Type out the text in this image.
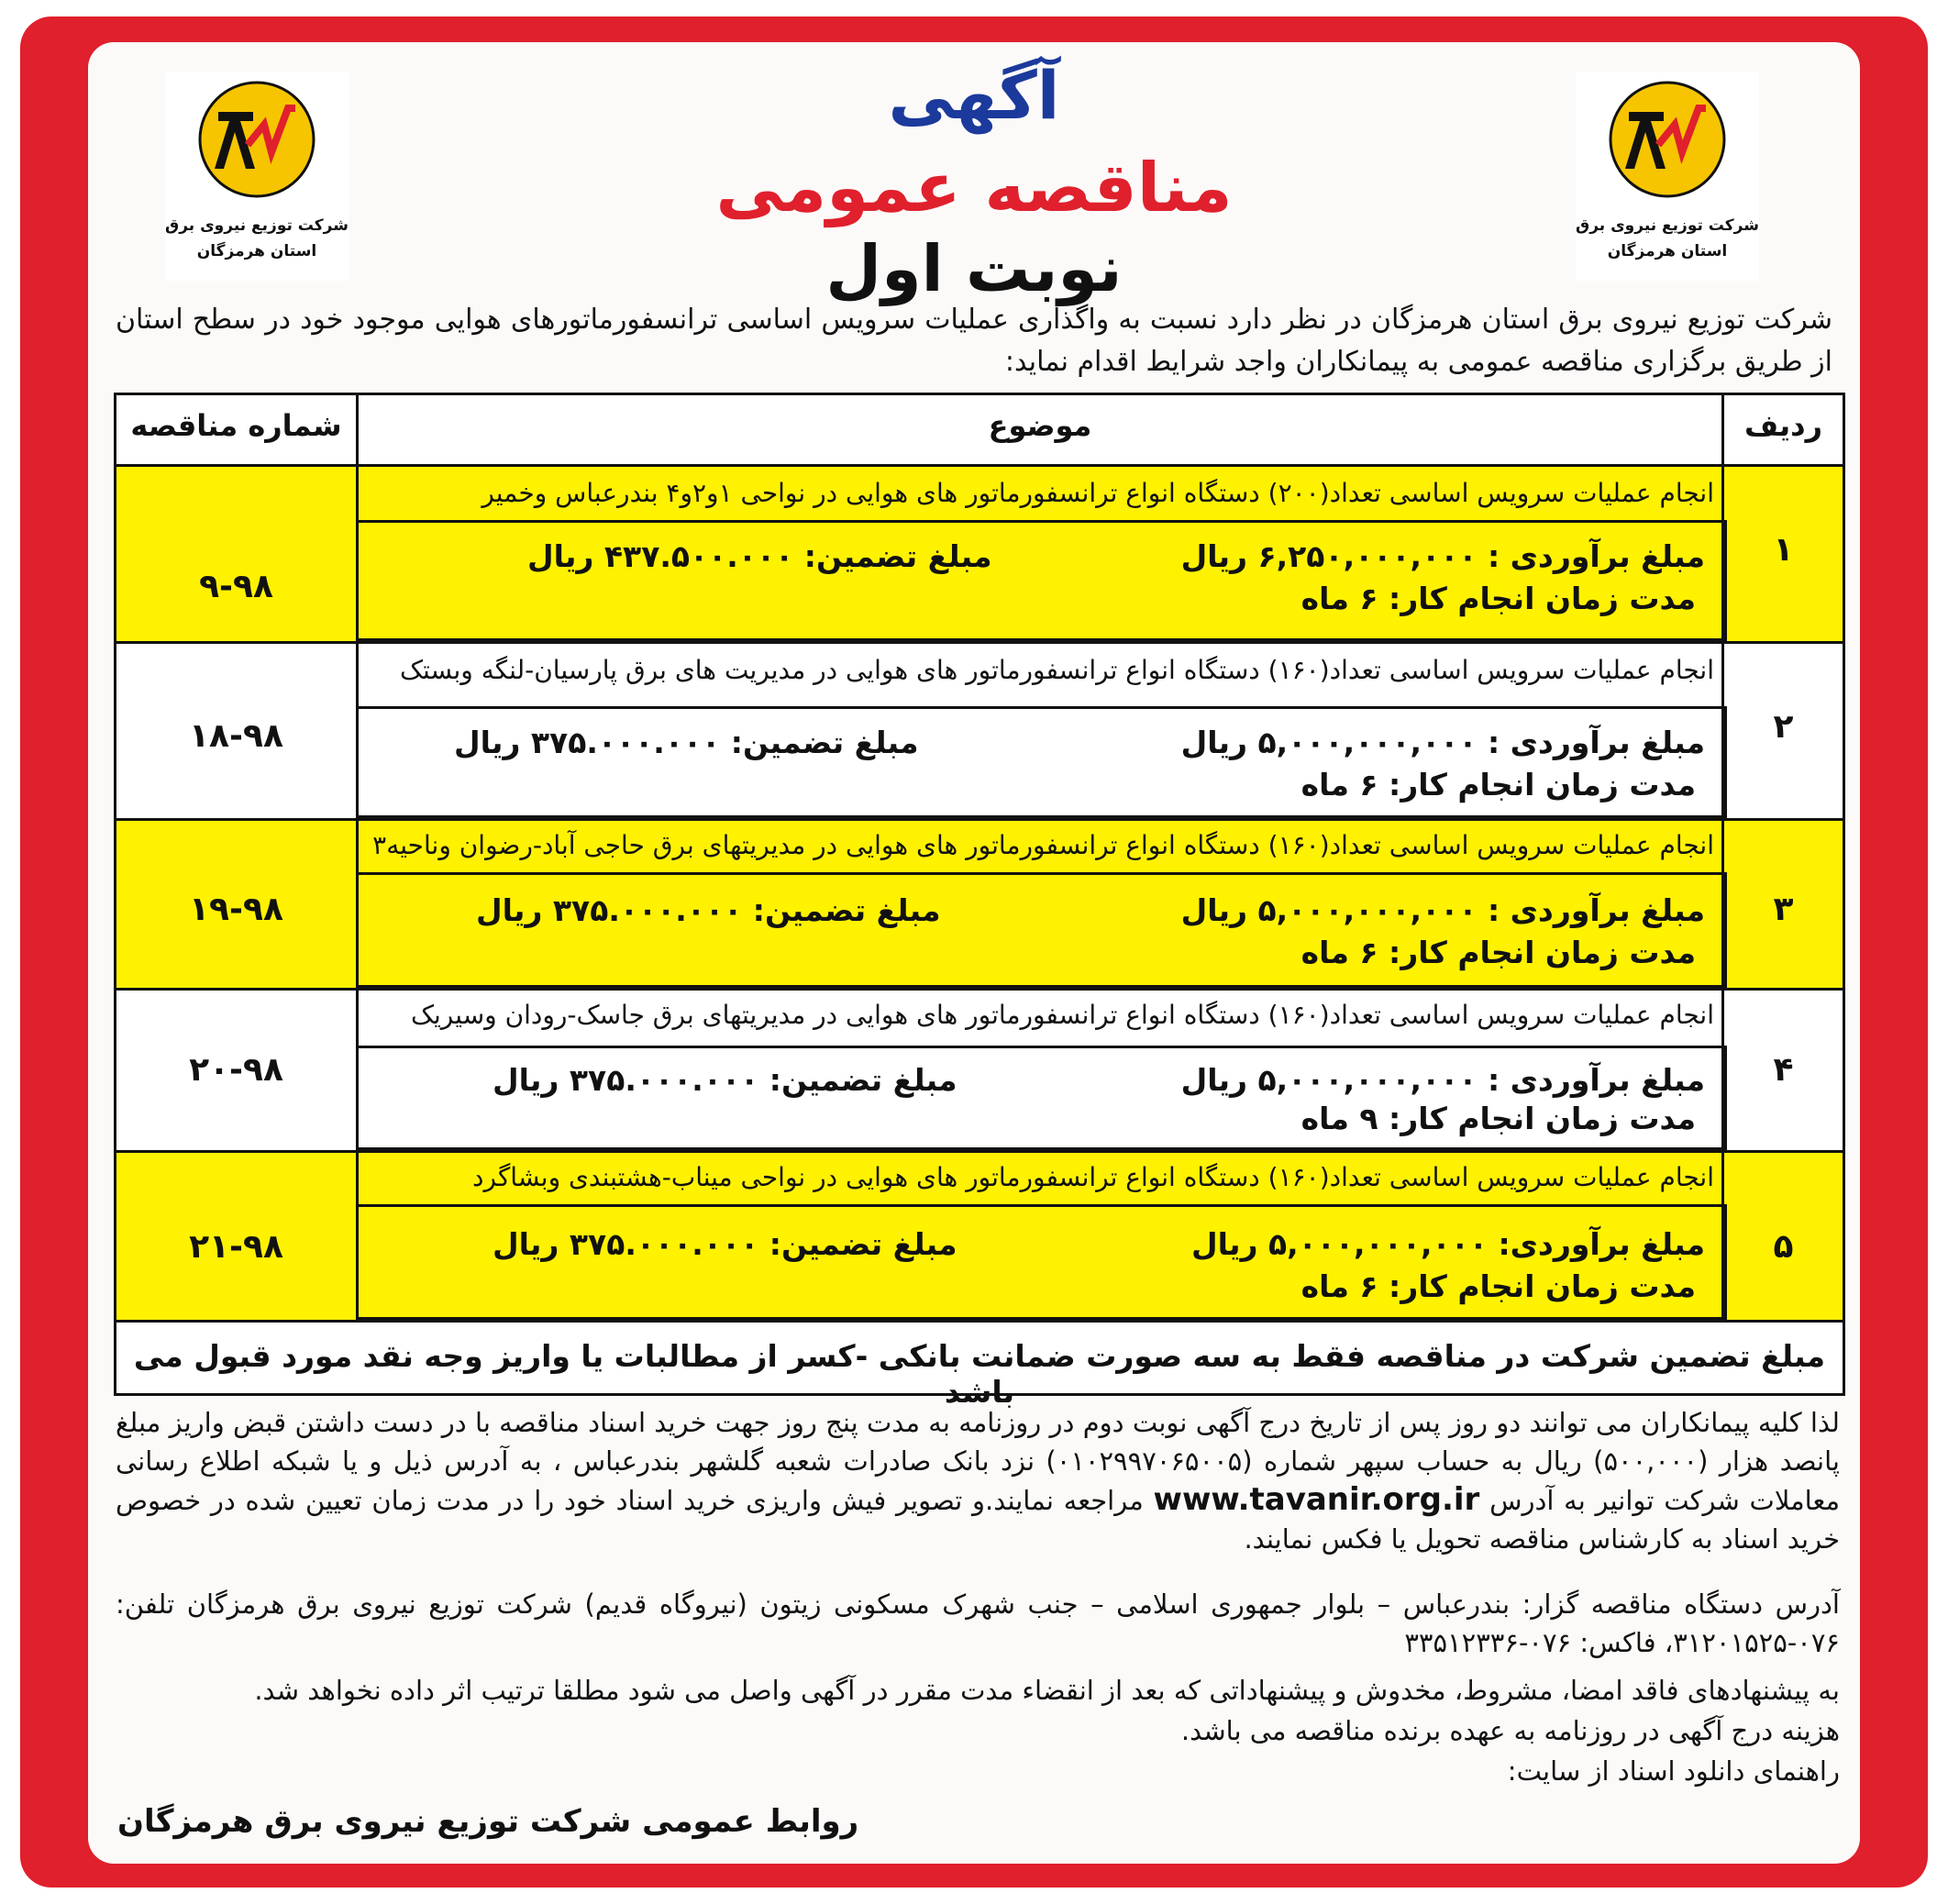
شرکت توزیع نیروی برق
استان هرمزگان
شرکت توزیع نیروی برق
استان هرمزگان
آگهی
مناقصه عمومی
نوبت اول
شرکت توزیع نیروی برق استان هرمزگان در نظر دارد نسبت به واگذاری عملیات سرویس اساسی ترانسفورماتورهای هوایی موجود خود در سطح استان از طریق برگزاری مناقصه عمومی به پیمانکاران واجد شرایط اقدام نماید:
ردیف
موضوع
شماره مناقصه
۱
انجام عملیات سرویس اساسی تعداد(۲۰۰) دستگاه انواع ترانسفورماتور های هوایی در نواحی ۱و۲و۴ بندرعباس وخمیر
مبلغ برآوردی : ۶,۲۵۰,۰۰۰,۰۰۰ ریال
مبلغ تضمین: ۴۳۷.۵۰۰.۰۰۰ ریال
مدت زمان انجام کار: ۶ ماه
۹-۹۸
۲
انجام عملیات سرویس اساسی تعداد(۱۶۰) دستگاه انواع ترانسفورماتور های هوایی در مدیریت های برق پارسیان-لنگه وبستک
مبلغ برآوردی : ۵,۰۰۰,۰۰۰,۰۰۰ ریال
مبلغ تضمین: ۳۷۵.۰۰۰.۰۰۰ ریال
مدت زمان انجام کار: ۶ ماه
۱۸-۹۸
۳
انجام عملیات سرویس اساسی تعداد(۱۶۰) دستگاه انواع ترانسفورماتور های هوایی در مدیریتهای برق حاجی آباد-رضوان وناحیه۳
مبلغ برآوردی : ۵,۰۰۰,۰۰۰,۰۰۰ ریال
مبلغ تضمین: ۳۷۵.۰۰۰.۰۰۰ ریال
مدت زمان انجام کار: ۶ ماه
۱۹-۹۸
۴
انجام عملیات سرویس اساسی تعداد(۱۶۰) دستگاه انواع ترانسفورماتور های هوایی در مدیریتهای برق جاسک-رودان وسیریک
مبلغ برآوردی : ۵,۰۰۰,۰۰۰,۰۰۰ ریال
مبلغ تضمین: ۳۷۵.۰۰۰.۰۰۰ ریال
مدت زمان انجام کار: ۹ ماه
۲۰-۹۸
۵
انجام عملیات سرویس اساسی تعداد(۱۶۰) دستگاه انواع ترانسفورماتور های هوایی در نواحی میناب-هشتبندی وبشاگرد
مبلغ برآوردی: ۵,۰۰۰,۰۰۰,۰۰۰ ریال
مبلغ تضمین: ۳۷۵.۰۰۰.۰۰۰ ریال
مدت زمان انجام کار: ۶ ماه
۲۱-۹۸
مبلغ تضمین شرکت در مناقصه فقط به سه صورت ضمانت بانکی -کسر از مطالبات یا واریز وجه نقد مورد قبول می باشد
لذا کلیه پیمانکاران می توانند دو روز پس از تاریخ درج آگهی نوبت دوم در روزنامه به مدت پنج روز جهت خرید اسناد مناقصه با در دست داشتن قبض واریز مبلغ پانصد هزار (۵۰۰,۰۰۰) ریال به حساب سپهر شماره (۰۱۰۲۹۹۷۰۶۵۰۰۵) نزد بانک صادرات شعبه گلشهر بندرعباس ، به آدرس ذیل و یا شبکه اطلاع رسانی معاملات شرکت توانیر به آدرس www.tavanir.org.ir مراجعه نمایند.و تصویر فیش واریزی خرید اسناد خود را در مدت زمان تعیین شده در خصوص خرید اسناد به کارشناس مناقصه تحویل یا فکس نمایند.
آدرس دستگاه مناقصه گزار: بندرعباس – بلوار جمهوری اسلامی – جنب شهرک مسکونی زیتون (نیروگاه قدیم) شرکت توزیع نیروی برق هرمزگان تلفن: ۰۷۶-۳۱۲۰۱۵۲۵، فاکس: ۰۷۶-۳۳۵۱۲۳۳۶
به پیشنهادهای فاقد امضا، مشروط، مخدوش و پیشنهاداتی که بعد از انقضاء مدت مقرر در آگهی واصل می شود مطلقا ترتیب اثر داده نخواهد شد.
هزینه درج آگهی در روزنامه به عهده برنده مناقصه می باشد.
راهنمای دانلود اسناد از سایت:
روابط عمومی شرکت توزیع نیروی برق هرمزگان
